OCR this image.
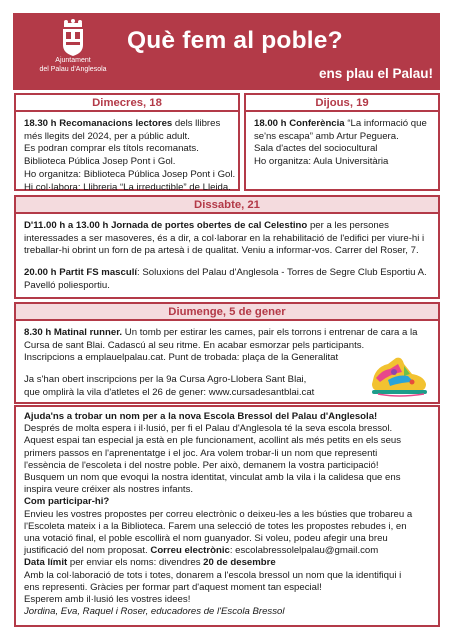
Ajuntament
del Palau d'Anglesola
Què fem al poble?
ens plau el Palau!
Dimecres, 18
18.30 h Recomanacions lectores dels llibres
més llegits del 2024, per a públic adult.
Es podran comprar els títols recomanats.
Biblioteca Pública Josep Pont i Gol.
Ho organitza: Biblioteca Pública Josep Pont i Gol.
Hi col·labora: Llibreria “La irreductible” de Lleida.
Dijous, 19
18.00 h Conferència “La informació que
se'ns escapa” amb Artur Peguera.
Sala d'actes del sociocultural
Ho organitza: Aula Universitària
Dissabte, 21
D'11.00 h a 13.00 h Jornada de portes obertes de cal Celestino per a les persones
interessades a ser masoveres, és a dir, a col·laborar en la rehabilitació de l'edifici per viure-hi i
treballar-hi obrint un forn de pa artesà i de qualitat. Veniu a informar-vos. Carrer del Roser, 7.
20.00 h Partit FS masculí: Soluxions del Palau d'Anglesola - Torres de Segre Club Esportiu A.
Pavelló poliesportiu.
Diumenge, 5 de gener
8.30 h Matinal runner. Un tomb per estirar les cames, pair els torrons i entrenar de cara a la
Cursa de sant Blai. Cadascú al seu ritme. En acabar esmorzar pels participants.
Inscripcions a emplauelpalau.cat. Punt de trobada: plaça de la Generalitat
Ja s'han obert inscripcions per la 9a Cursa Agro-Llobera Sant Blai,
que omplirà la vila d'atletes el 26 de gener: www.cursadesantblai.cat
Ajuda'ns a trobar un nom per a la nova Escola Bressol del Palau d'Anglesola!
Després de molta espera i il·lusió, per fi el Palau d'Anglesola té la seva escola bressol.
Aquest espai tan especial ja està en ple funcionament, acollint als més petits en els seus
primers passos en l'aprenentatge i el joc. Ara volem trobar-li un nom que representi
l'essència de l'escoleta i del nostre poble. Per això, demanem la vostra participació!
Busquem un nom que evoqui la nostra identitat, vinculat amb la vila i la calidesa que ens
inspira veure créixer als nostres infants.
Com participar-hi?
Envieu les vostres propostes per correu electrònic o deixeu-les a les bústies que trobareu a
l'Escoleta mateix i a la Biblioteca. Farem una selecció de totes les propostes rebudes i, en
una votació final, el poble escollirà el nom guanyador. Si voleu, podeu afegir una breu
justificació del nom proposat. Correu electrònic: escolabressolelpalau@gmail.com
Data límit per enviar els noms: divendres 20 de desembre
Amb la col·laboració de tots i totes, donarem a l'escola bressol un nom que la identifiqui i
ens representi. Gràcies per formar part d'aquest moment tan especial!
Esperem amb il·lusió les vostres idees!
Jordina, Eva, Raquel i Roser, educadores de l'Escola Bressol
